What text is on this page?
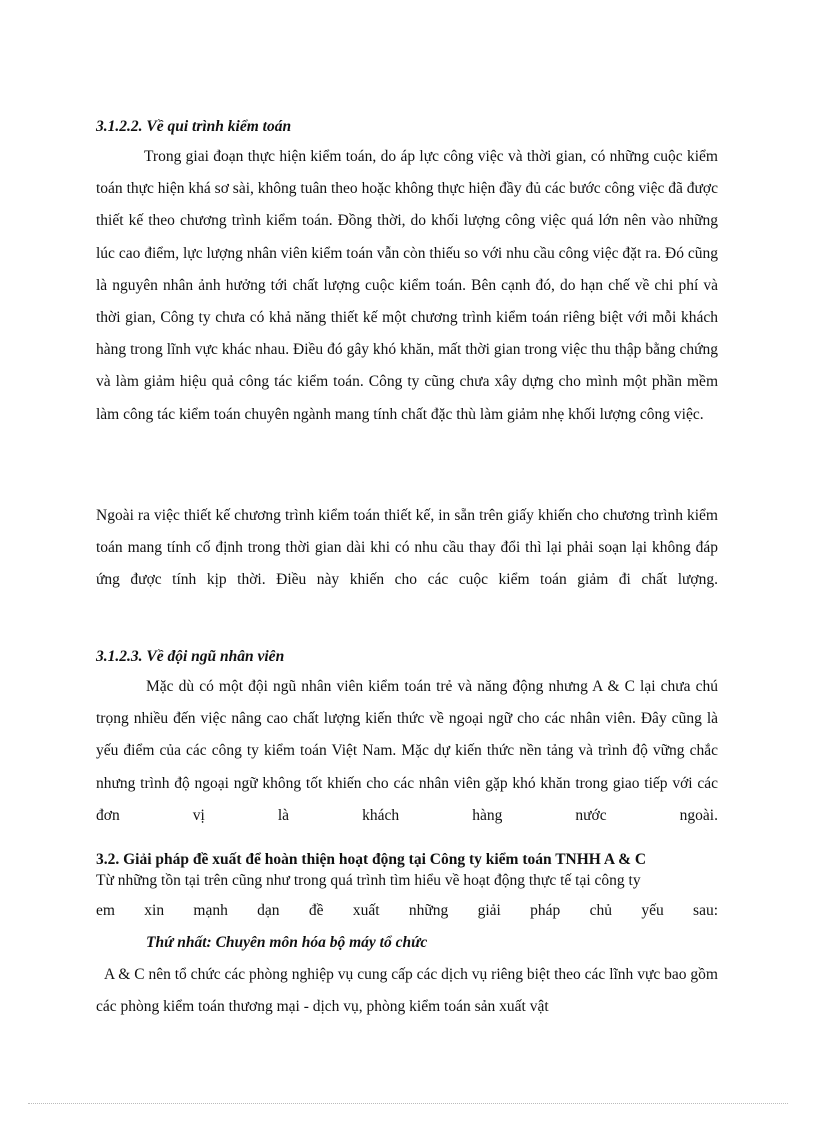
3.1.2.2. Về qui trình kiểm toán

Trong giai đoạn thực hiện kiểm toán, do áp lực công việc và thời gian, có những cuộc kiểm toán thực hiện khá sơ sài, không tuân theo hoặc không thực hiện đầy đủ các bước công việc đã được thiết kế theo chương trình kiểm toán. Đồng thời, do khối lượng công việc quá lớn nên vào những lúc cao điểm, lực lượng nhân viên kiểm toán vẫn còn thiếu so với nhu cầu công việc đặt ra. Đó cũng là nguyên nhân ảnh hưởng tới chất lượng cuộc kiểm toán. Bên cạnh đó, do hạn chế về chi phí và thời gian, Công ty chưa có khả năng thiết kế một chương trình kiểm toán riêng biệt với mỗi khách hàng trong lĩnh vực khác nhau. Điều đó gây khó khăn, mất thời gian trong việc thu thập bằng chứng và làm giảm hiệu quả công tác kiểm toán. Công ty cũng chưa xây dựng cho mình một phần mềm làm công tác kiểm toán chuyên ngành mang tính chất đặc thù làm giảm nhẹ khối lượng công việc.

Ngoài ra việc thiết kế chương trình kiểm toán thiết kế, in sẵn trên giấy khiến cho chương trình kiểm toán mang tính cố định trong thời gian dài khi có nhu cầu thay đổi thì lại phải soạn lại không đáp ứng được tính kịp thời. Điều này khiến cho các cuộc kiểm toán giảm đi chất lượng.

3.1.2.3. Về đội ngũ nhân viên

Mặc dù có một đội ngũ nhân viên kiểm toán trẻ và năng động nhưng A & C lại chưa chú trọng nhiều đến việc nâng cao chất lượng kiến thức về ngoại ngữ cho các nhân viên. Đây cũng là yếu điểm của các công ty kiểm toán Việt Nam. Mặc dự kiến thức nền tảng và trình độ vững chắc nhưng trình độ ngoại ngữ không tốt khiến cho các nhân viên gặp khó khăn trong giao tiếp với các đơn vị là khách hàng nước ngoài.

3.2. Giải pháp đề xuất để hoàn thiện hoạt động tại Công ty kiểm toán TNHH A & C

Từ những tồn tại trên cũng như trong quá trình tìm hiểu về hoạt động thực tế tại công ty

em xin mạnh dạn đề xuất những giải pháp chủ yếu sau:

Thứ nhất: Chuyên môn hóa bộ máy tổ chức

A & C nên tổ chức các phòng nghiệp vụ cung cấp các dịch vụ riêng biệt theo các lĩnh vực bao gồm các phòng kiểm toán thương mại - dịch vụ, phòng kiểm toán sản xuất vật
